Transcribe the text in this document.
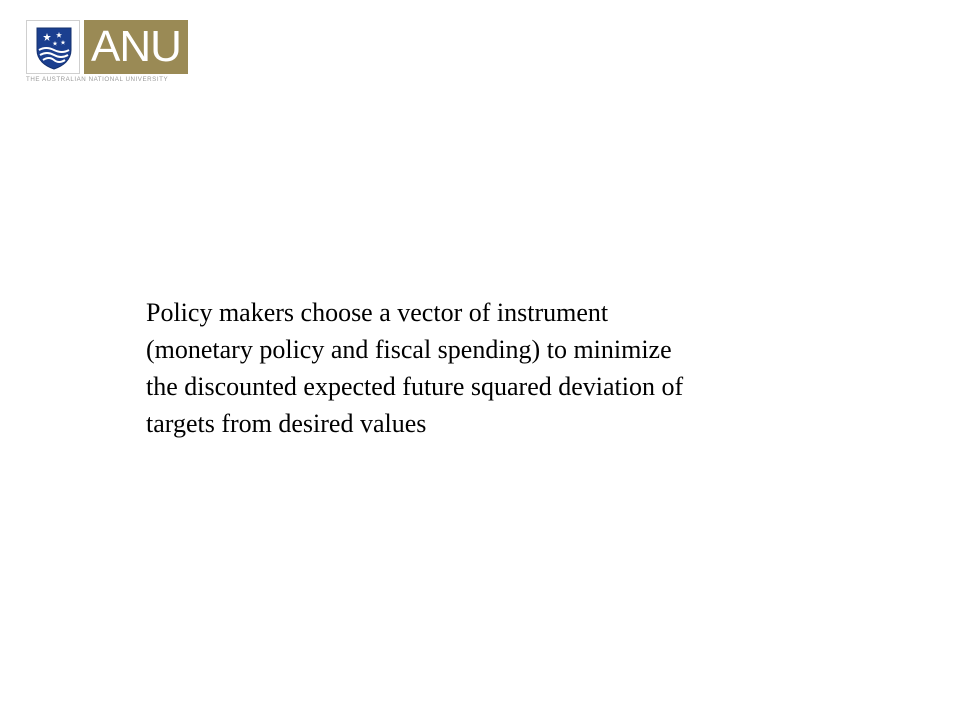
ANU
THE AUSTRALIAN NATIONAL UNIVERSITY
Policy makers choose a vector of instrument
(monetary policy and fiscal spending) to minimize
the discounted expected future squared deviation of
targets from desired values
